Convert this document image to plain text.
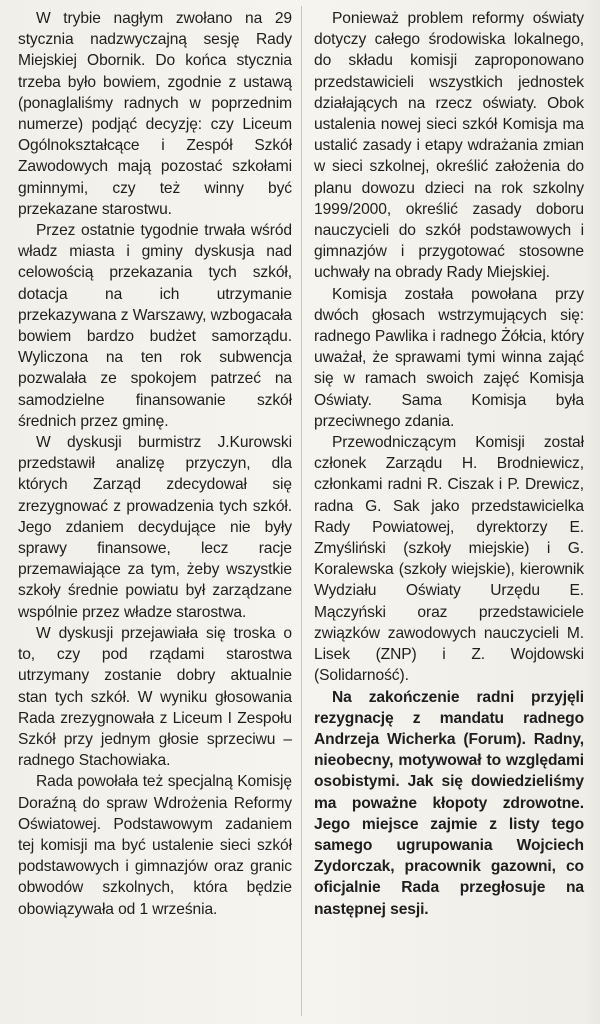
W trybie nagłym zwołano na 29 stycznia nadzwyczajną sesję Rady Miejskiej Obornik. Do końca stycznia trzeba było bowiem, zgodnie z ustawą (ponaglaliśmy radnych w poprzednim numerze) podjąć decyzję: czy Liceum Ogólnokształcące i Zespół Szkół Zawodowych mają pozostać szkołami gminnymi, czy też winny być przekazane starostwu.

Przez ostatnie tygodnie trwała wśród władz miasta i gminy dyskusja nad celowością przekazania tych szkół, dotacja na ich utrzymanie przekazywana z Warszawy, wzbogacała bowiem bardzo budżet samorządu. Wyliczona na ten rok subwencja pozwalała ze spokojem patrzeć na samodzielne finansowanie szkół średnich przez gminę.

W dyskusji burmistrz J.Kurowski przedstawił analizę przyczyn, dla których Zarząd zdecydował się zrezygnować z prowadzenia tych szkół. Jego zdaniem decydujące nie były sprawy finansowe, lecz racje przemawiające za tym, żeby wszystkie szkoły średnie powiatu był zarządzane wspólnie przez władze starostwa.

W dyskusji przejawiała się troska o to, czy pod rządami starostwa utrzymany zostanie dobry aktualnie stan tych szkół. W wyniku głosowania Rada zrezygnowała z Liceum I Zespołu Szkół przy jednym głosie sprzeciwu – radnego Stachowiaka.

Rada powołała też specjalną Komisję Doraźną do spraw Wdrożenia Reformy Oświatowej. Podstawowym zadaniem tej komisji ma być ustalenie sieci szkół podstawowych i gimnazjów oraz granic obwodów szkolnych, która będzie obowiązywała od 1 września.

Ponieważ problem reformy oświaty dotyczy całego środowiska lokalnego, do składu komisji zaproponowano przedstawicieli wszystkich jednostek działających na rzecz oświaty. Obok ustalenia nowej sieci szkół Komisja ma ustalić zasady i etapy wdrażania zmian w sieci szkolnej, określić założenia do planu dowozu dzieci na rok szkolny 1999/2000, określić zasady doboru nauczycieli do szkół podstawowych i gimnazjów i przygotować stosowne uchwały na obrady Rady Miejskiej.

Komisja została powołana przy dwóch głosach wstrzymujących się: radnego Pawlika i radnego Żółcia, który uważał, że sprawami tymi winna zająć się w ramach swoich zajęć Komisja Oświaty. Sama Komisja była przeciwnego zdania.

Przewodniczącym Komisji został członek Zarządu H. Brodniewicz, członkami radni R. Ciszak i P. Drewicz, radna G. Sak jako przedstawicielka Rady Powiatowej, dyrektorzy E. Zmyśliński (szkoły miejskie) i G. Koralewska (szkoły wiejskie), kierownik Wydziału Oświaty Urzędu E. Mączyński oraz przedstawiciele związków zawodowych nauczycieli M. Lisek (ZNP) i Z. Wojdowski (Solidarność).

Na zakończenie radni przyjęli rezygnację z mandatu radnego Andrzeja Wicherka (Forum). Radny, nieobecny, motywował to względami osobistymi. Jak się dowiedzieliśmy ma poważne kłopoty zdrowotne. Jego miejsce zajmie z listy tego samego ugrupowania Wojciech Zydorczak, pracownik gazowni, co oficjalnie Rada przegłosuje na następnej sesji.
